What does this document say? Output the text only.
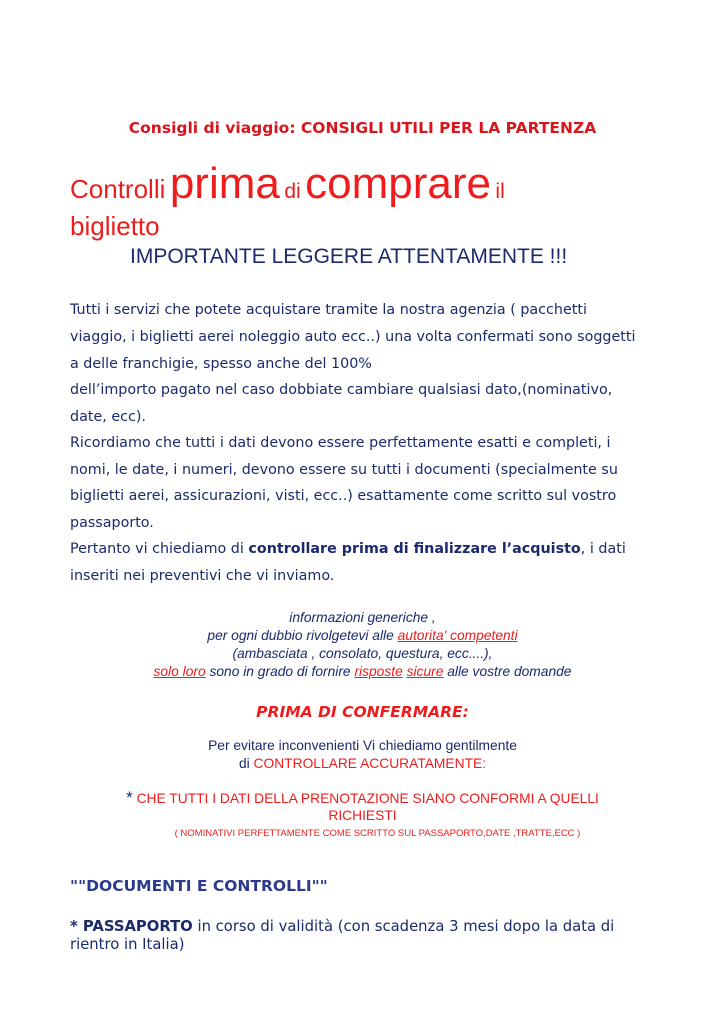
Consigli di viaggio: CONSIGLI UTILI PER LA PARTENZA
Controlli prima di comprare il
biglietto
IMPORTANTE LEGGERE ATTENTAMENTE !!!
Tutti i servizi che potete acquistare tramite la nostra agenzia ( pacchetti
viaggio, i biglietti aerei noleggio auto ecc..) una volta confermati sono soggetti
a delle franchigie, spesso anche del 100%
dell’importo pagato nel caso dobbiate cambiare qualsiasi dato,(nominativo,
date, ecc).
Ricordiamo che tutti i dati devono essere perfettamente esatti e completi, i
nomi, le date, i numeri, devono essere su tutti i documenti (specialmente su
biglietti aerei, assicurazioni, visti, ecc..) esattamente come scritto sul vostro
passaporto.
Pertanto vi chiediamo di controllare prima di finalizzare l’acquisto, i dati
inseriti nei preventivi che vi inviamo.
informazioni generiche ,
per ogni dubbio rivolgetevi alle autorita' competenti
(ambasciata , consolato, questura, ecc....),
solo loro sono in grado di fornire risposte sicure alle vostre domande
PRIMA DI CONFERMARE:
Per evitare inconvenienti Vi chiediamo gentilmente
di CONTROLLARE ACCURATAMENTE:
* CHE TUTTI I DATI DELLA PRENOTAZIONE SIANO CONFORMI A QUELLI
RICHIESTI
( NOMINATIVI PERFETTAMENTE COME SCRITTO SUL PASSAPORTO,DATE ,TRATTE,ECC )
""DOCUMENTI E CONTROLLI""
* PASSAPORTO in corso di validità (con scadenza 3 mesi dopo la data di
rientro in Italia)
